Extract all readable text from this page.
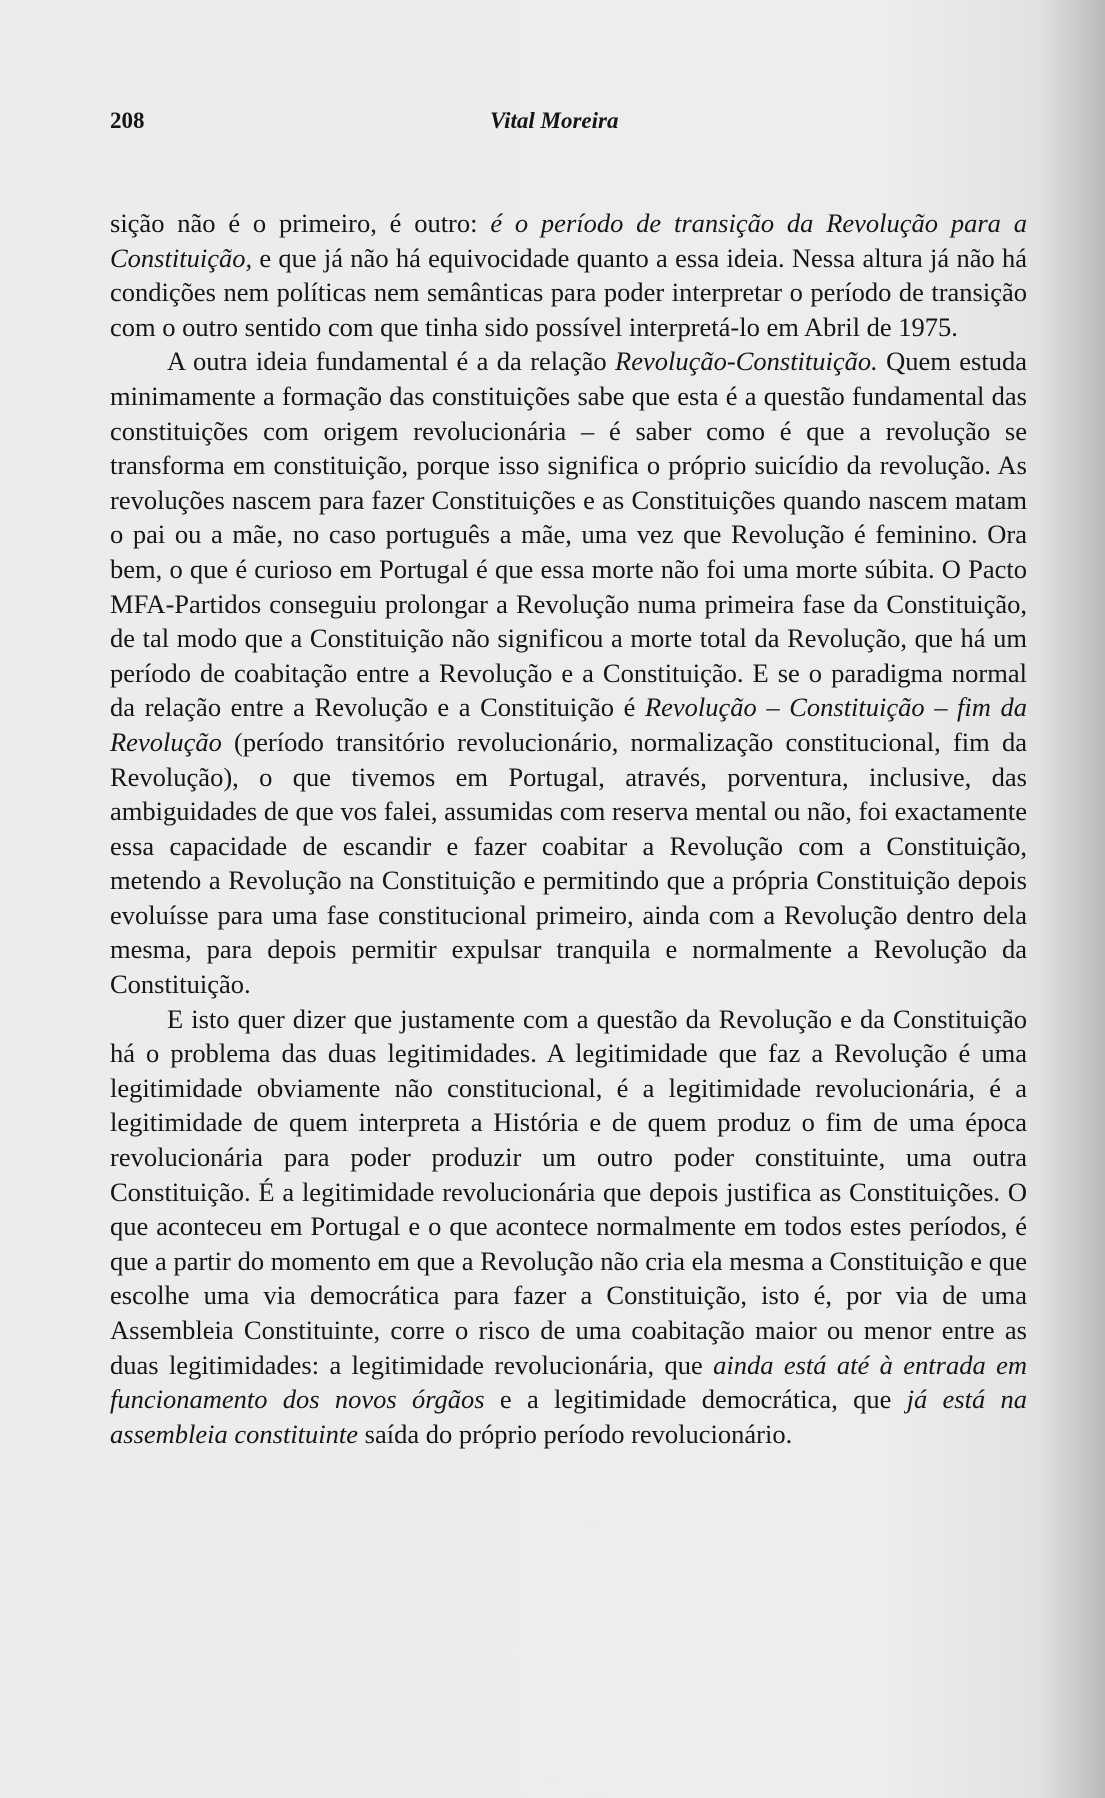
208	Vital Moreira

sição não é o primeiro, é outro: é o período de transição da Revolução para a Constituição, e que já não há equivocidade quanto a essa ideia. Nessa altura já não há condições nem políticas nem semânticas para poder interpretar o período de transição com o outro sentido com que tinha sido possível interpretá-lo em Abril de 1975.

A outra ideia fundamental é a da relação Revolução-Constituição. Quem estuda minimamente a formação das constituições sabe que esta é a questão fundamental das constituições com origem revolucionária – é saber como é que a revolução se transforma em constituição, porque isso significa o próprio suicídio da revolução. As revoluções nascem para fazer Constituições e as Constituições quando nascem matam o pai ou a mãe, no caso português a mãe, uma vez que Revolução é feminino. Ora bem, o que é curioso em Portugal é que essa morte não foi uma morte súbita. O Pacto MFA-Partidos conseguiu prolongar a Revolução numa primeira fase da Constituição, de tal modo que a Constituição não significou a morte total da Revolução, que há um período de coabitação entre a Revolução e a Constituição. E se o paradigma normal da relação entre a Revolução e a Constituição é Revolução – Constituição – fim da Revolução (período transitório revolucionário, normalização constitucional, fim da Revolução), o que tivemos em Portugal, através, porventura, inclusive, das ambiguidades de que vos falei, assumidas com reserva mental ou não, foi exactamente essa capacidade de escandir e fazer coabitar a Revolução com a Constituição, metendo a Revolução na Constituição e permitindo que a própria Constituição depois evoluísse para uma fase constitucional primeiro, ainda com a Revolução dentro dela mesma, para depois permitir expulsar tranquila e normalmente a Revolução da Constituição.

E isto quer dizer que justamente com a questão da Revolução e da Constituição há o problema das duas legitimidades. A legitimidade que faz a Revolução é uma legitimidade obviamente não constitucional, é a legitimidade revolucionária, é a legitimidade de quem interpreta a História e de quem produz o fim de uma época revolucionária para poder produzir um outro poder constituinte, uma outra Constituição. É a legitimidade revolucionária que depois justifica as Constituições. O que aconteceu em Portugal e o que acontece normalmente em todos estes períodos, é que a partir do momento em que a Revolução não cria ela mesma a Constituição e que escolhe uma via democrática para fazer a Constituição, isto é, por via de uma Assembleia Constituinte, corre o risco de uma coabitação maior ou menor entre as duas legitimidades: a legitimidade revolucionária, que ainda está até à entrada em funcionamento dos novos órgãos e a legitimidade democrática, que já está na assembleia constituinte saída do próprio período revolucionário.
